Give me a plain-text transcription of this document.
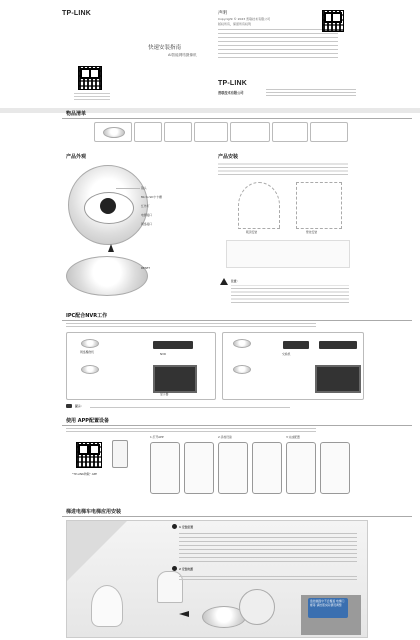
TP-LINK
快速安装指南
AI智能网络摄像机
声明
Copyright © 2023 普联技术有限公司
版权所有，保留所有权利
TP-LINK
普联技术有限公司
物品清单
产品外观
镜头
Micro SD卡卡槽
红外灯
电源接口
网络接口
RESET
产品安装
吸顶安装	壁挂安装
注意：
IPC配合NVR工作
网络摄像机	NVR
显示器
交换机
提示：
使用 APP配置设备
"TP-LINK物联" APP
1 打开APP	2 添加设备	3 完成配置
梯进电梯车电梯应用安装
1 安装位置
2 安装电源
监控画面中不会覆盖 电梯门框等 请按照实际情况调整
